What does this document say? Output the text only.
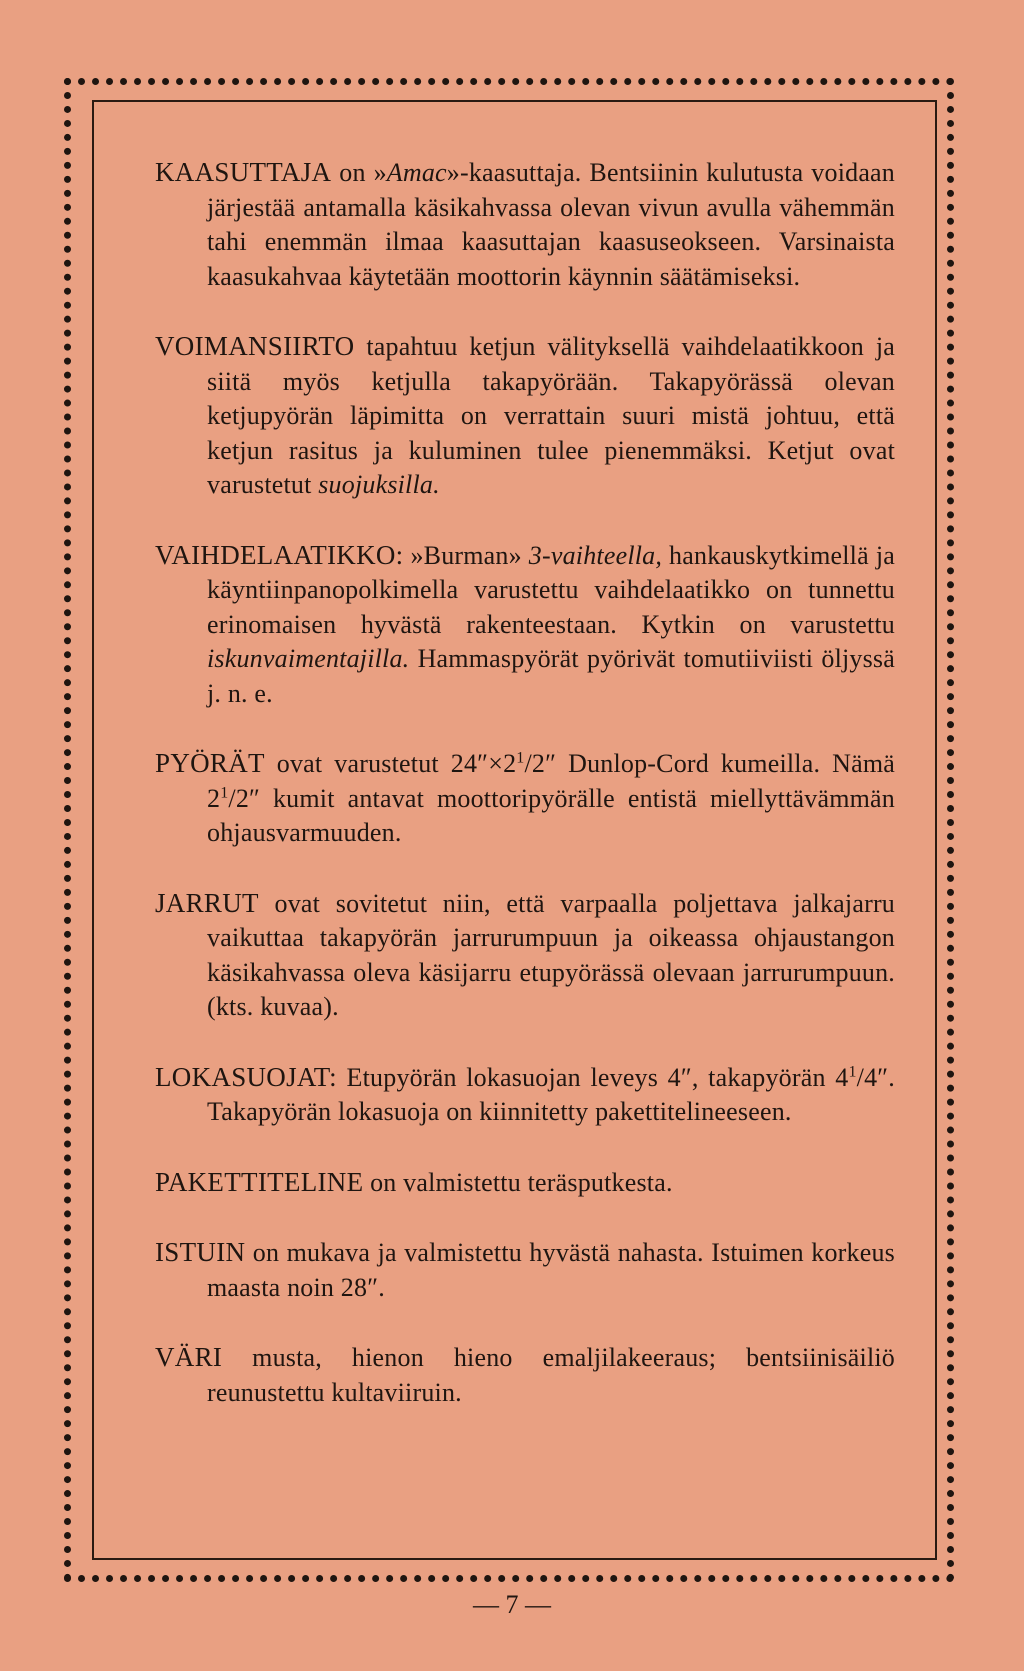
KAASUTTAJA on »Amac»-kaasuttaja. Bentsiinin kulutusta voidaan järjestää antamalla käsikahvassa olevan vivun avulla vähemmän tahi enemmän ilmaa kaasuttajan kaasuseokseen. Varsinaista kaasukahvaa käytetään moottorin käynnin säätämiseksi.

VOIMANSIIRTO tapahtuu ketjun välityksellä vaihdelaatikkoon ja siitä myös ketjulla takapyörään. Takapyörässä olevan ketjupyörän läpimitta on verrattain suuri mistä johtuu, että ketjun rasitus ja kuluminen tulee pienemmäksi. Ketjut ovat varustetut suojuksilla.

VAIHDELAATIKKO: »Burman» 3-vaihteella, hankauskytkimellä ja käyntiinpanopolkimella varustettu vaihdelaatikko on tunnettu erinomaisen hyvästä rakenteestaan. Kytkin on varustettu iskunvaimentajilla. Hammaspyörät pyörivät tomutiiviisti öljyssä j. n. e.

PYÖRÄT ovat varustetut $24''\times 2^1/2''$ Dunlop-Cord kumeilla. Nämä $2^1/2''$ kumit antavat moottoripyörälle entistä miellyttävämmän ohjausvarmuuden.

JARRUT ovat sovitetut niin, että varpaalla poljettava jalkajarru vaikuttaa takapyörän jarrurumpuun ja oikeassa ohjaustangon käsikahvassa oleva käsijarru etupyörässä olevaan jarrurumpuun. (kts. kuvaa).

LOKASUOJAT: Etupyörän lokasuojan leveys 4″, takapyörän $4^1/4''$. Takapyörän lokasuoja on kiinnitetty pakettitelineeseen.

PAKETTITELINE on valmistettu teräsputkesta.

ISTUIN on mukava ja valmistettu hyvästä nahasta. Istuimen korkeus maasta noin 28″.

VÄRI musta, hienon hieno emaljilakeeraus; bentsiinisäiliö reunustettu kultaviiruin.

— 7 —
